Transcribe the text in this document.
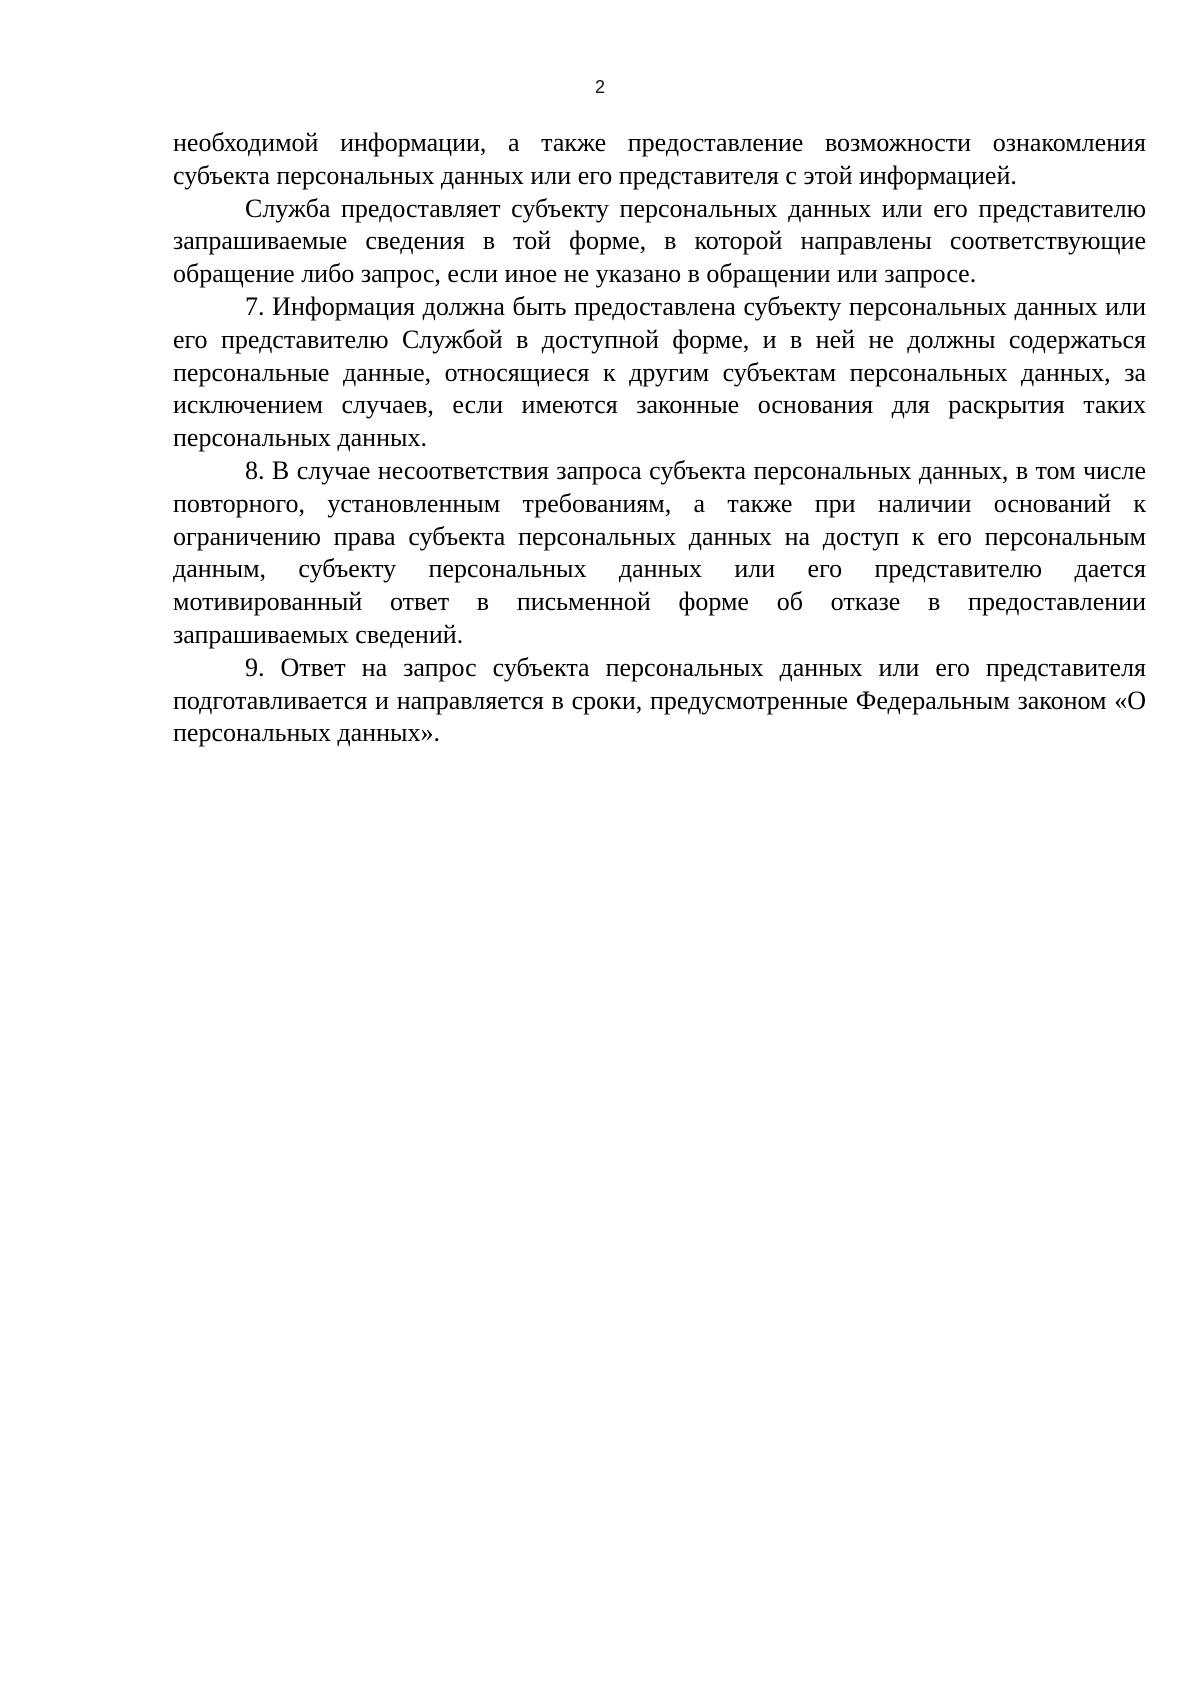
2

необходимой информации, а также предоставление возможности ознакомления субъекта персональных данных или его представителя с этой информацией.

Служба предоставляет субъекту персональных данных или его представителю запрашиваемые сведения в той форме, в которой направлены соответствующие обращение либо запрос, если иное не указано в обращении или запросе.

7. Информация должна быть предоставлена субъекту персональных данных или его представителю Службой в доступной форме, и в ней не должны содержаться персональные данные, относящиеся к другим субъектам персональных данных, за исключением случаев, если имеются законные основания для раскрытия таких персональных данных.

8. В случае несоответствия запроса субъекта персональных данных, в том числе повторного, установленным требованиям, а также при наличии оснований к ограничению права субъекта персональных данных на доступ к его персональным данным, субъекту персональных данных или его представителю дается мотивированный ответ в письменной форме об отказе в предоставлении запрашиваемых сведений.

9. Ответ на запрос субъекта персональных данных или его представителя подготавливается и направляется в сроки, предусмотренные Федеральным законом «О персональных данных».
